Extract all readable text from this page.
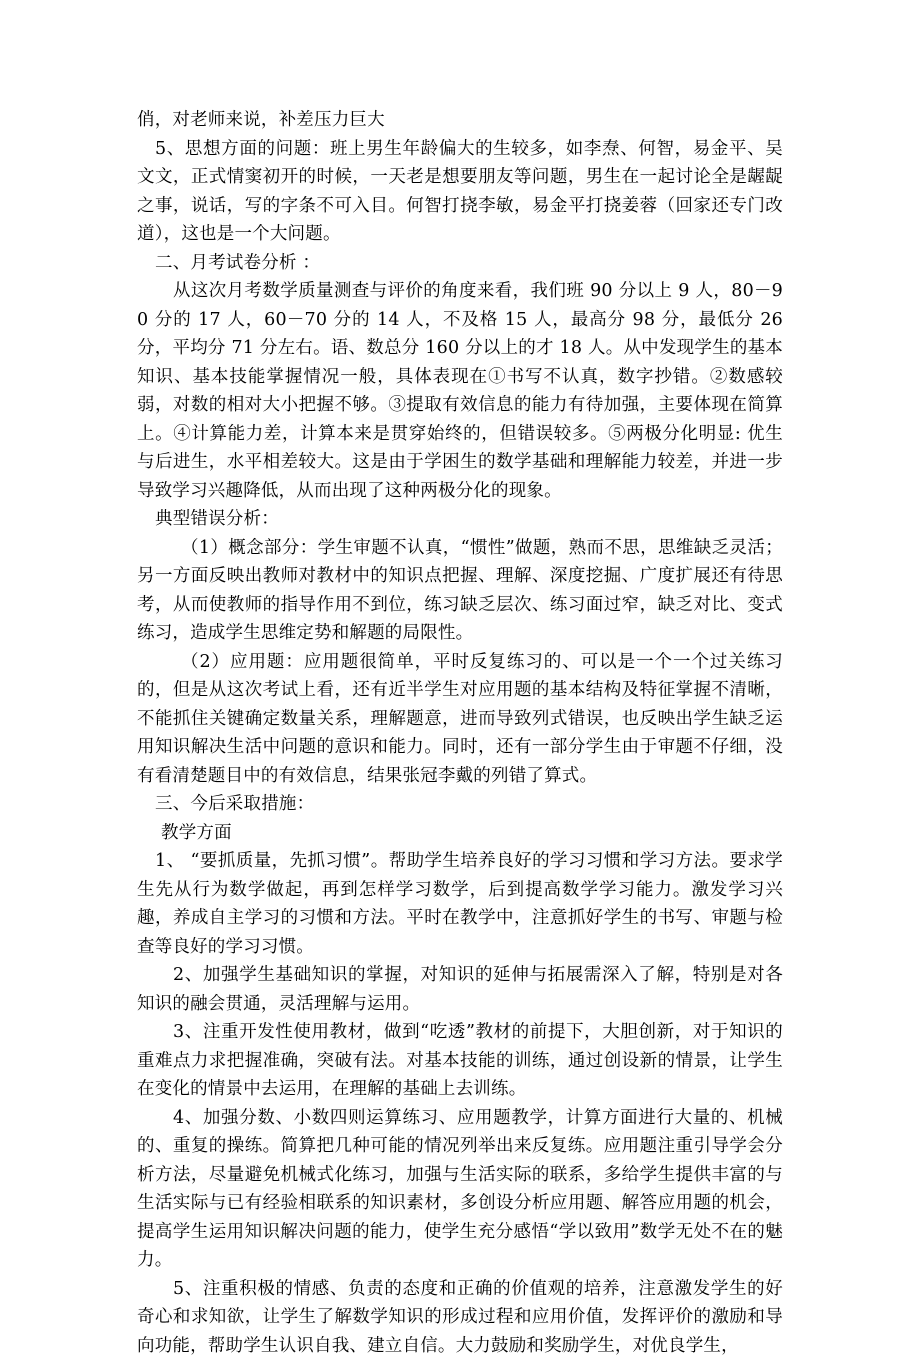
俏，对老师来说，补差压力巨大

5、思想方面的问题：班上男生年龄偏大的生较多，如李焘、何智，易金平、吴文文，正式情窦初开的时候，一天老是想要朋友等问题，男生在一起讨论全是龌龊之事，说话，写的字条不可入目。何智打挠李敏，易金平打挠姜蓉（回家还专门改道），这也是一个大问题。

二、月考试卷分析 ：

从这次月考数学质量测查与评价的角度来看，我们班 90 分以上 9 人，80－90 分的 17 人，60－70 分的 14 人，不及格 15 人，最高分 98 分，最低分 26 分，平均分 71 分左右。语、数总分 160 分以上的才 18 人。从中发现学生的基本知识、基本技能掌握情况一般，具体表现在①书写不认真，数字抄错。②数感较弱，对数的相对大小把握不够。③提取有效信息的能力有待加强，主要体现在简算上。④计算能力差，计算本来是贯穿始终的，但错误较多。⑤两极分化明显: 优生与后进生，水平相差较大。这是由于学困生的数学基础和理解能力较差，并进一步导致学习兴趣降低，从而出现了这种两极分化的现象。

典型错误分析：

（1）概念部分：学生审题不认真，“惯性”做题，熟而不思，思维缺乏灵活；另一方面反映出教师对教材中的知识点把握、理解、深度挖掘、广度扩展还有待思考，从而使教师的指导作用不到位，练习缺乏层次、练习面过窄，缺乏对比、变式练习，造成学生思维定势和解题的局限性。

（2）应用题：应用题很简单，平时反复练习的、可以是一个一个过关练习的，但是从这次考试上看，还有近半学生对应用题的基本结构及特征掌握不清晰，不能抓住关键确定数量关系，理解题意，进而导致列式错误，也反映出学生缺乏运用知识解决生活中问题的意识和能力。同时，还有一部分学生由于审题不仔细，没有看清楚题目中的有效信息，结果张冠李戴的列错了算式。

三、今后采取措施：

教学方面

1、 “要抓质量，先抓习惯”。帮助学生培养良好的学习习惯和学习方法。要求学生先从行为数学做起，再到怎样学习数学，后到提高数学学习能力。激发学习兴趣，养成自主学习的习惯和方法。平时在教学中，注意抓好学生的书写、审题与检查等良好的学习习惯。

2、加强学生基础知识的掌握，对知识的延伸与拓展需深入了解，特别是对各知识的融会贯通，灵活理解与运用。

3、注重开发性使用教材，做到“吃透”教材的前提下，大胆创新，对于知识的重难点力求把握准确，突破有法。对基本技能的训练，通过创设新的情景，让学生在变化的情景中去运用，在理解的基础上去训练。

4、加强分数、小数四则运算练习、应用题教学，计算方面进行大量的、机械的、重复的操练。简算把几种可能的情况列举出来反复练。应用题注重引导学会分析方法，尽量避免机械式化练习，加强与生活实际的联系，多给学生提供丰富的与生活实际与已有经验相联系的知识素材，多创设分析应用题、解答应用题的机会，提高学生运用知识解决问题的能力，使学生充分感悟“学以致用”数学无处不在的魅力。

5、注重积极的情感、负责的态度和正确的价值观的培养，注意激发学生的好奇心和求知欲，让学生了解数学知识的形成过程和应用价值，发挥评价的激励和导向功能，帮助学生认识自我、建立自信。大力鼓励和奖励学生，对优良学生，
